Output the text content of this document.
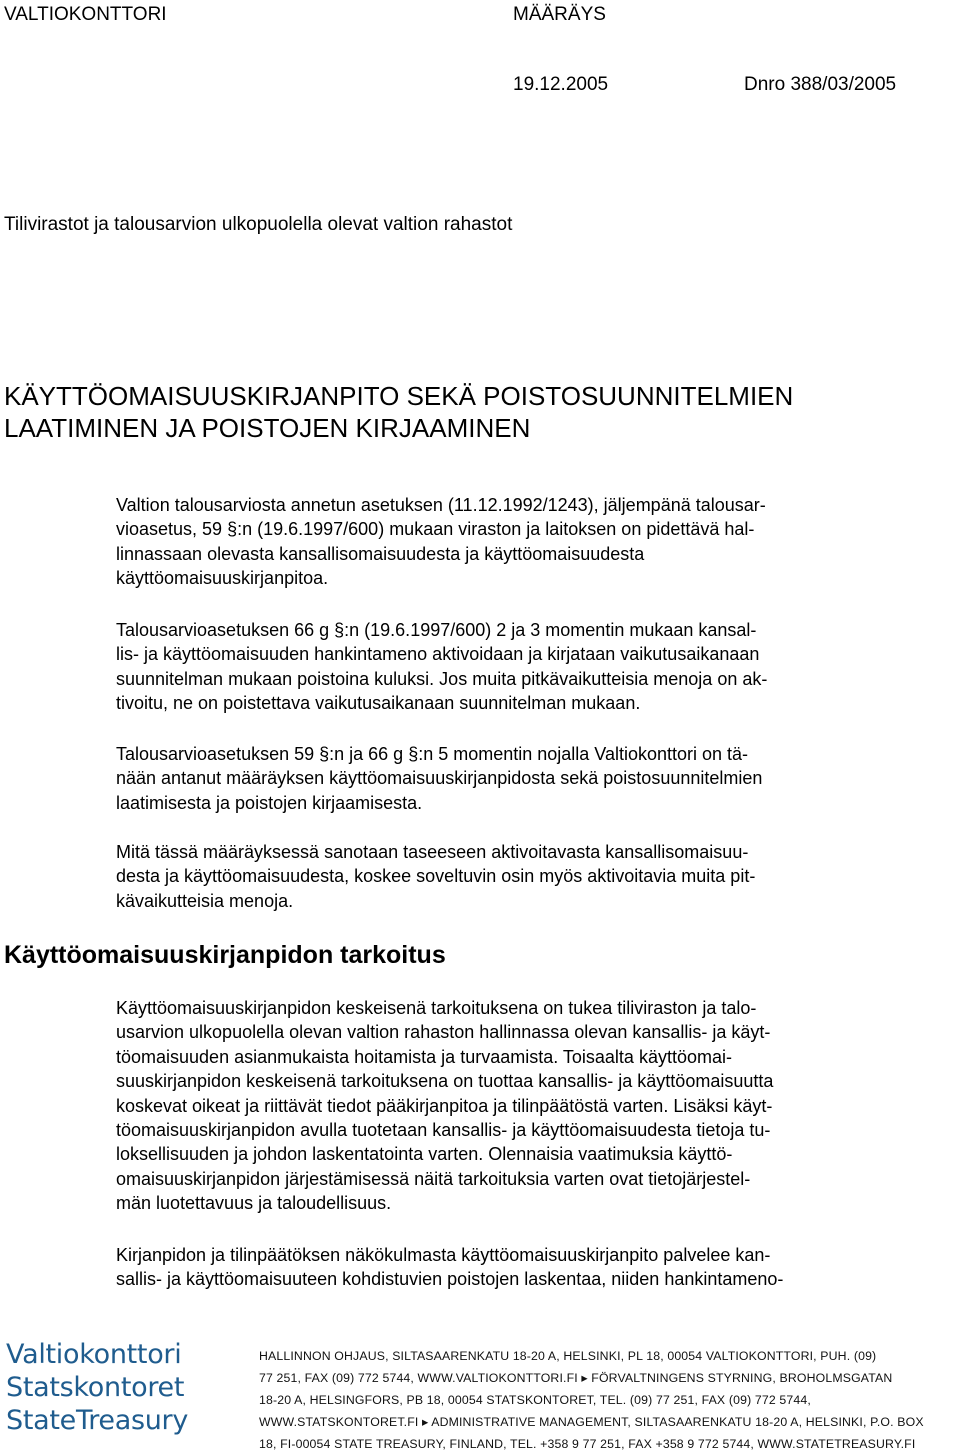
VALTIOKONTTORI	MÄÄRÄYS
19.12.2005	Dnro 388/03/2005
Tilivirastot ja talousarvion ulkopuolella olevat valtion rahastot
KÄYTTÖOMAISUUSKIRJANPITO SEKÄ POISTOSUUNNITELMIEN
LAATIMINEN JA POISTOJEN KIRJAAMINEN

Valtion talousarviosta annetun asetuksen (11.12.1992/1243), jäljempänä talousar-
vioasetus, 59 §:n (19.6.1997/600) mukaan viraston ja laitoksen on pidettävä hal-
linnassaan olevasta kansallisomaisuudesta ja käyttöomaisuudesta
käyttöomaisuuskirjanpitoa.

Talousarvioasetuksen 66 g §:n (19.6.1997/600) 2 ja 3 momentin mukaan kansal-
lis- ja käyttöomaisuuden hankintameno aktivoidaan ja kirjataan vaikutusaikanaan
suunnitelman mukaan poistoina kuluksi. Jos muita pitkävaikutteisia menoja on ak-
tivoitu, ne on poistettava vaikutusaikanaan suunnitelman mukaan.

Talousarvioasetuksen 59 §:n ja 66 g §:n 5 momentin nojalla Valtiokonttori on tä-
nään antanut määräyksen käyttöomaisuuskirjanpidosta sekä poistosuunnitelmien
laatimisesta ja poistojen kirjaamisesta.

Mitä tässä määräyksessä sanotaan taseeseen aktivoitavasta kansallisomaisuu-
desta ja käyttöomaisuudesta, koskee soveltuvin osin myös aktivoitavia muita pit-
kävaikutteisia menoja.

Käyttöomaisuuskirjanpidon tarkoitus

Käyttöomaisuuskirjanpidon keskeisenä tarkoituksena on tukea tiliviraston ja talo-
usarvion ulkopuolella olevan valtion rahaston hallinnassa olevan kansallis- ja käyt-
töomaisuuden asianmukaista hoitamista ja turvaamista. Toisaalta käyttöomai-
suuskirjanpidon keskeisenä tarkoituksena on tuottaa kansallis- ja käyttöomaisuutta
koskevat oikeat ja riittävät tiedot pääkirjanpitoa ja tilinpäätöstä varten. Lisäksi käyt-
töomaisuuskirjanpidon avulla tuotetaan kansallis- ja käyttöomaisuudesta tietoja tu-
loksellisuuden ja johdon laskentatointa varten. Olennaisia vaatimuksia käyttö-
omaisuuskirjanpidon järjestämisessä näitä tarkoituksia varten ovat tietojärjestel-
män luotettavuus ja taloudellisuus.

Kirjanpidon ja tilinpäätöksen näkökulmasta käyttöomaisuuskirjanpito palvelee kan-
sallis- ja käyttöomaisuuteen kohdistuvien poistojen laskentaa, niiden hankintameno-

Valtiokonttori
Statskontoret
StateTreasury
HALLINNON OHJAUS, SILTASAARENKATU 18-20 A, HELSINKI, PL 18, 00054 VALTIOKONTTORI, PUH. (09)
77 251, FAX (09) 772 5744, WWW.VALTIOKONTTORI.FI ▸ FÖRVALTNINGENS STYRNING, BROHOLMSGATAN
18-20 A, HELSINGFORS, PB 18, 00054 STATSKONTORET, TEL. (09) 77 251, FAX (09) 772 5744,
WWW.STATSKONTORET.FI ▸ ADMINISTRATIVE MANAGEMENT, SILTASAARENKATU 18-20 A, HELSINKI, P.O. BOX
18, FI-00054 STATE TREASURY, FINLAND, TEL. +358 9 77 251, FAX +358 9 772 5744, WWW.STATETREASURY.FI
